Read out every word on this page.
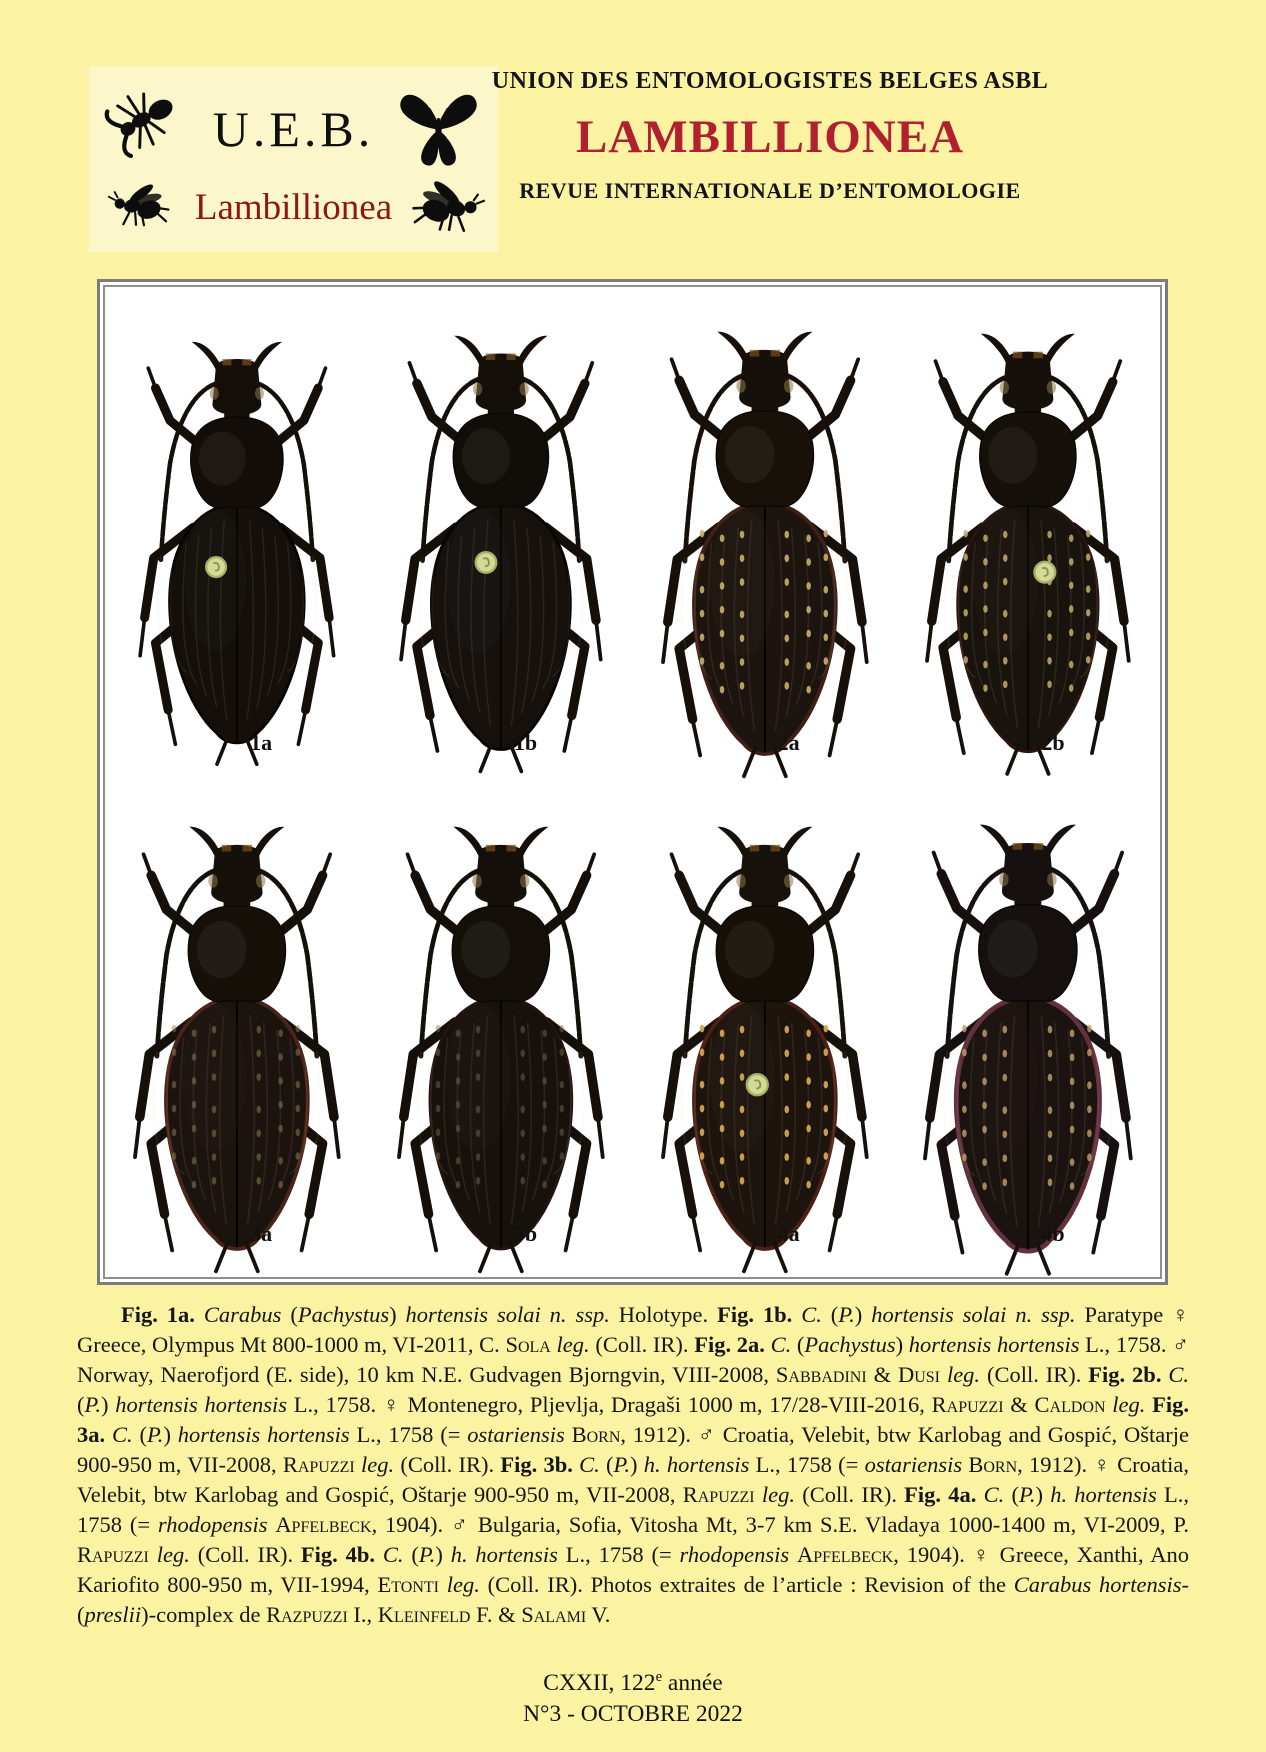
U.E.B.
Lambillionea
UNION DES ENTOMOLOGISTES BELGES ASBL
LAMBILLIONEA
REVUE INTERNATIONALE D’ENTOMOLOGIE
1a	1b	2a	2b
3a	3b	4a	4b
Fig. 1a. Carabus (Pachystus) hortensis solai n. ssp. Holotype. Fig. 1b. C. (P.) hortensis solai n. ssp. Paratype ♀ Greece, Olympus Mt 800-1000 m, VI-2011, C. Sola leg. (Coll. IR). Fig. 2a. C. (Pachystus) hortensis hortensis L., 1758. ♂ Norway, Naerofjord (E. side), 10 km N.E. Gudvagen Bjorngvin, VIII-2008, Sabbadini & Dusi leg. (Coll. IR). Fig. 2b. C. (P.) hortensis hortensis L., 1758. ♀ Montenegro, Pljevlja, Dragaši 1000 m, 17/28-VIII-2016, Rapuzzi & Caldon leg. Fig. 3a. C. (P.) hortensis hortensis L., 1758 (= ostariensis Born, 1912). ♂ Croatia, Velebit, btw Karlobag and Gospić, Oštarje 900-950 m, VII-2008, Rapuzzi leg. (Coll. IR). Fig. 3b. C. (P.) h. hortensis L., 1758 (= ostariensis Born, 1912). ♀ Croatia, Velebit, btw Karlobag and Gospić, Oštarje 900-950 m, VII-2008, Rapuzzi leg. (Coll. IR). Fig. 4a. C. (P.) h. hortensis L., 1758 (= rhodopensis Apfelbeck, 1904). ♂ Bulgaria, Sofia, Vitosha Mt, 3-7 km S.E. Vladaya 1000-1400 m, VI-2009, P. Rapuzzi leg. (Coll. IR). Fig. 4b. C. (P.) h. hortensis L., 1758 (= rhodopensis Apfelbeck, 1904). ♀ Greece, Xanthi, Ano Kariofito 800-950 m, VII-1994, Etonti leg. (Coll. IR). Photos extraites de l’article : Revision of the Carabus hortensis- (preslii)-complex de Razpuzzi I., Kleinfeld F. & Salami V.
CXXII, 122e année
N°3 - OCTOBRE 2022
